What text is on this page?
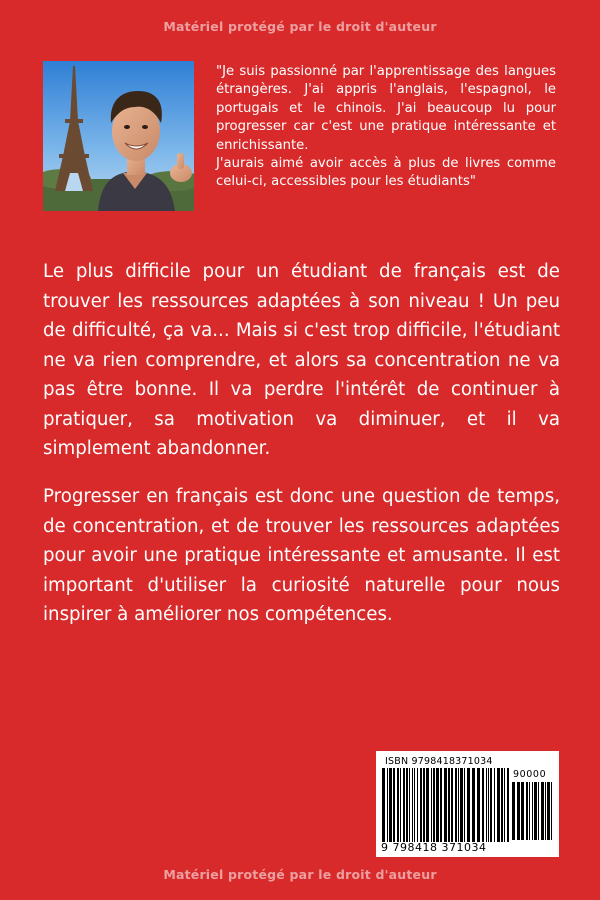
Matériel protégé par le droit d'auteur

"Je suis passionné par l'apprentissage des langues étrangères. J'ai appris l'anglais, l'espagnol, le portugais et le chinois. J'ai beaucoup lu pour progresser car c'est une pratique intéressante et enrichissante.

J'aurais aimé avoir accès à plus de livres comme celui-ci, accessibles pour les étudiants"

Le plus difficile pour un étudiant de français est de trouver les ressources adaptées à son niveau ! Un peu de difficulté, ça va... Mais si c'est trop difficile, l'étudiant ne va rien comprendre, et alors sa concentration ne va pas être bonne. Il va perdre l'intérêt de continuer à pratiquer, sa motivation va diminuer, et il va simplement abandonner.

Progresser en français est donc une question de temps, de concentration, et de trouver les ressources adaptées pour avoir une pratique intéressante et amusante. Il est important d'utiliser la curiosité naturelle pour nous inspirer à améliorer nos compétences.

ISBN 9798418371034
90000
9 798418 371034
Matériel protégé par le droit d'auteur
